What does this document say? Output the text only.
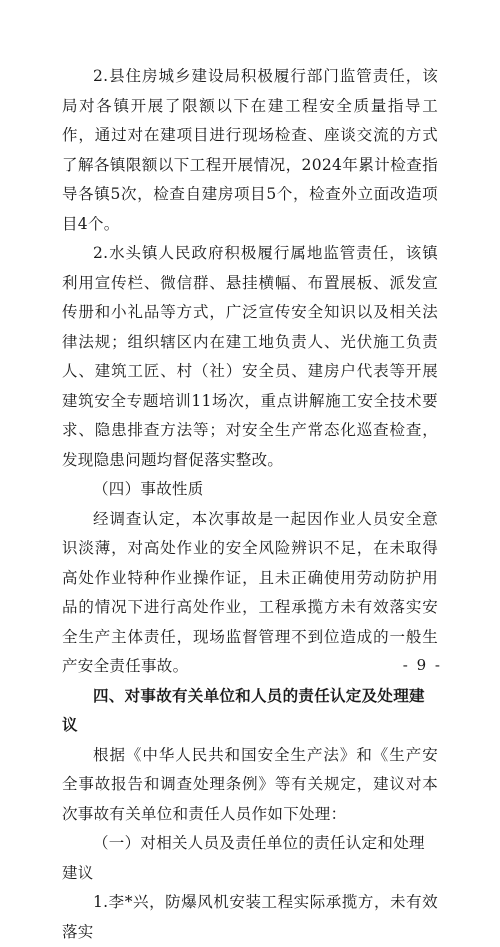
2.县住房城乡建设局积极履行部门监管责任，该局对各镇开展了限额以下在建工程安全质量指导工作，通过对在建项目进行现场检查、座谈交流的方式了解各镇限额以下工程开展情况，2024年累计检查指导各镇5次，检查自建房项目5个，检查外立面改造项目4个。

2.水头镇人民政府积极履行属地监管责任，该镇利用宣传栏、微信群、悬挂横幅、布置展板、派发宣传册和小礼品等方式，广泛宣传安全知识以及相关法律法规；组织辖区内在建工地负责人、光伏施工负责人、建筑工匠、村（社）安全员、建房户代表等开展建筑安全专题培训11场次，重点讲解施工安全技术要求、隐患排查方法等；对安全生产常态化巡查检查，发现隐患问题均督促落实整改。

（四）事故性质

经调查认定，本次事故是一起因作业人员安全意识淡薄，对高处作业的安全风险辨识不足，在未取得高处作业特种作业操作证，且未正确使用劳动防护用品的情况下进行高处作业，工程承揽方未有效落实安全生产主体责任，现场监督管理不到位造成的一般生产安全责任事故。

四、对事故有关单位和人员的责任认定及处理建议

根据《中华人民共和国安全生产法》和《生产安全事故报告和调查处理条例》等有关规定，建议对本次事故有关单位和责任人员作如下处理：

（一）对相关人员及责任单位的责任认定和处理建议

1.李*兴，防爆风机安装工程实际承揽方，未有效落实

- 9 -
